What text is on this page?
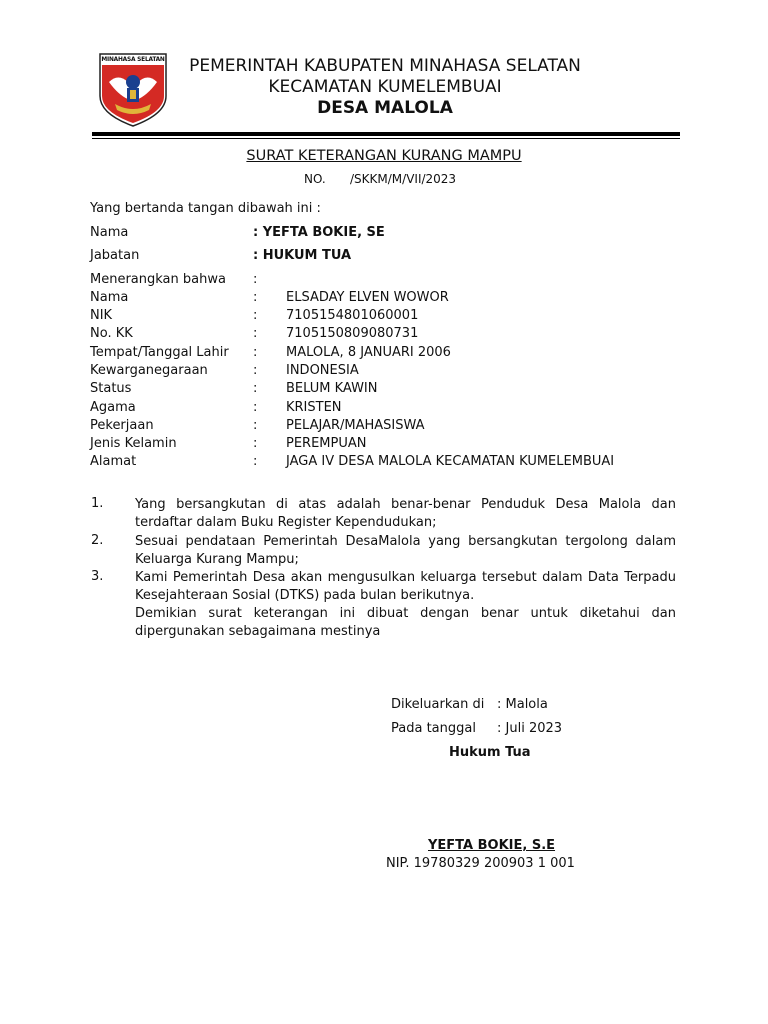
MINAHASA SELATAN	PEMERINTAH KABUPATEN MINAHASA SELATAN
KECAMATAN KUMELEMBUAI
DESA MALOLA
SURAT KETERANGAN KURANG MAMPU
NO. /SKKM/M/VII/2023
Yang bertanda tangan dibawah ini :
Nama	: YEFTA BOKIE, SE
Jabatan	: HUKUM TUA
Menerangkan bahwa :
Nama	: ELSADAY ELVEN WOWOR
NIK	: 7105154801060001
No. KK	: 7105150809080731
Tempat/Tanggal Lahir : MALOLA, 8 JANUARI 2006
Kewarganegaraan	: INDONESIA
Status	: BELUM KAWIN
Agama	: KRISTEN
Pekerjaan	: PELAJAR/MAHASISWA
Jenis Kelamin	: PEREMPUAN
Alamat	: JAGA IV DESA MALOLA KECAMATAN KUMELEMBUAI
1. Yang bersangkutan di atas adalah benar-benar Penduduk Desa Malola dan terdaftar dalam Buku Register Kependudukan;
2. Sesuai pendataan Pemerintah DesaMalola yang bersangkutan tergolong dalam Keluarga Kurang Mampu;
3. Kami Pemerintah Desa akan mengusulkan keluarga tersebut dalam Data Terpadu Kesejahteraan Sosial (DTKS) pada bulan berikutnya.
Demikian surat keterangan ini dibuat dengan benar untuk diketahui dan dipergunakan sebagaimana mestinya
Dikeluarkan di : Malola
Pada tanggal : Juli 2023
Hukum Tua
YEFTA BOKIE, S.E
NIP. 19780329 200903 1 001
